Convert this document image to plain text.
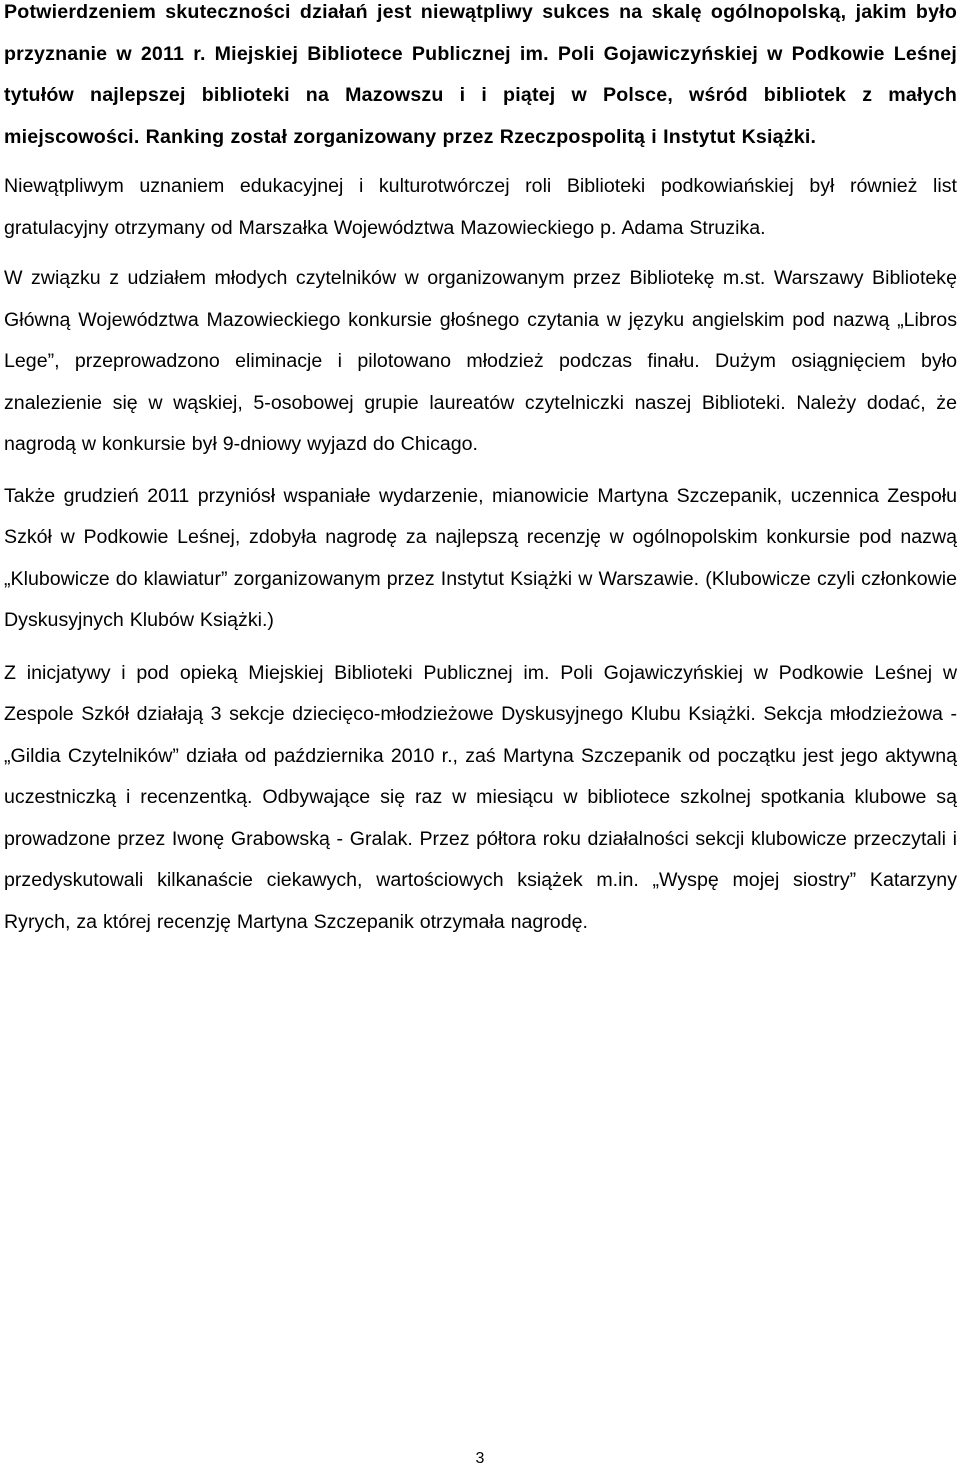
Potwierdzeniem skuteczności działań jest niewątpliwy sukces na skalę ogólnopolską, jakim było przyznanie w 2011 r. Miejskiej Bibliotece Publicznej im. Poli Gojawiczyńskiej w Podkowie Leśnej tytułów najlepszej biblioteki na Mazowszu i i piątej w Polsce, wśród bibliotek z małych miejscowości. Ranking został zorganizowany przez Rzeczpospolitą i Instytut Książki.

Niewątpliwym uznaniem edukacyjnej i kulturotwórczej roli Biblioteki podkowiańskiej był również list gratulacyjny otrzymany od Marszałka Województwa Mazowieckiego p. Adama Struzika.

W związku z udziałem młodych czytelników w organizowanym przez Bibliotekę m.st. Warszawy Bibliotekę Główną Województwa Mazowieckiego konkursie głośnego czytania w języku angielskim pod nazwą „Libros Lege”, przeprowadzono eliminacje i pilotowano młodzież podczas finału. Dużym osiągnięciem było znalezienie się w wąskiej, 5-osobowej grupie laureatów czytelniczki naszej Biblioteki. Należy dodać, że nagrodą w konkursie był 9-dniowy wyjazd do Chicago.

Także grudzień 2011 przyniósł wspaniałe wydarzenie, mianowicie Martyna Szczepanik, uczennica Zespołu Szkół w Podkowie Leśnej, zdobyła nagrodę za najlepszą recenzję w ogólnopolskim konkursie pod nazwą „Klubowicze do klawiatur” zorganizowanym przez Instytut Książki w Warszawie. (Klubowicze czyli członkowie Dyskusyjnych Klubów Książki.)

Z inicjatywy i pod opieką Miejskiej Biblioteki Publicznej im. Poli Gojawiczyńskiej w Podkowie Leśnej w Zespole Szkół działają 3 sekcje dziecięco-młodzieżowe Dyskusyjnego Klubu Książki. Sekcja młodzieżowa - „Gildia Czytelników” działa od października 2010 r., zaś Martyna Szczepanik od początku jest jego aktywną uczestniczką i recenzentką. Odbywające się raz w miesiącu w bibliotece szkolnej spotkania klubowe są prowadzone przez Iwonę Grabowską - Gralak. Przez półtora roku działalności sekcji klubowicze przeczytali i przedyskutowali kilkanaście ciekawych, wartościowych książek m.in. „Wyspę mojej siostry” Katarzyny Ryrych, za której recenzję Martyna Szczepanik otrzymała nagrodę.

3
